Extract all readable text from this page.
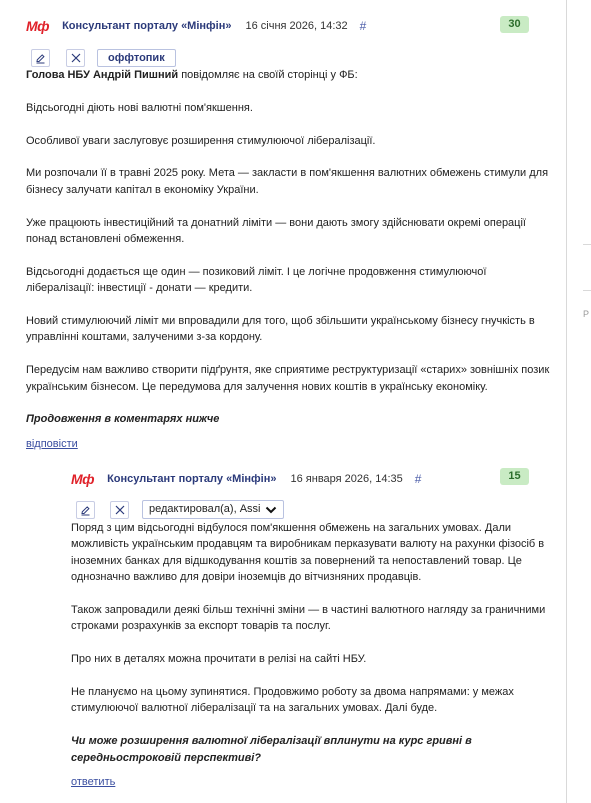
Р
Мф Консультант порталу «Мінфін» 16 січня 2026, 14:32 #	30
оффтопик

Голова НБУ Андрій Пишний повідомляє на своїй сторінці у ФБ:

Відсьогодні діють нові валютні пом'якшення.

Особливої уваги заслуговує розширення стимулюючої лібералізації.

Ми розпочали її в травні 2025 року. Мета — закласти в пом'якшення валютних обмежень стимули для бізнесу залучати капітал в економіку України.

Уже працюють інвестиційний та донатний ліміти — вони дають змогу здійснювати окремі операції понад встановлені обмеження.

Відсьогодні додається ще один — позиковий ліміт. І це логічне продовження стимулюючої лібералізації: інвестиції - донати — кредити.

Новий стимулюючий ліміт ми впровадили для того, щоб збільшити українському бізнесу гнучкість в управлінні коштами, залученими з-за кордону.

Передусім нам важливо створити підґрунтя, яке сприятиме реструктуризації «старих» зовнішніх позик українським бізнесом. Це передумова для залучення нових коштів в українську економіку.

Продовження в коментарях нижче

відповісти
Мф Консультант порталу «Мінфін» 16 января 2026, 14:35 #	15
редактировал(а), Assi

Поряд з цим відсьогодні відбулося пом'якшення обмежень на загальних умовах. Дали можливість українським продавцям та виробникам перказувати валюту на рахунки фізосіб в іноземних банках для відшкодування коштів за повернений та непоставлений товар. Це однозначно важливо для довіри іноземців до вітчизняних продавців.

Також запровадили деякі більш технічні зміни — в частині валютного нагляду за граничними строками розрахунків за експорт товарів та послуг.

Про них в деталях можна прочитати в релізі на сайті НБУ.

Не плануємо на цьому зупинятися. Продовжимо роботу за двома напрямами: у межах стимулюючої валютної лібералізації та на загальних умовах. Далі буде.

Чи може розширення валютної лібералізації вплинути на курс гривні в середньостроковій перспективі?

ответить
